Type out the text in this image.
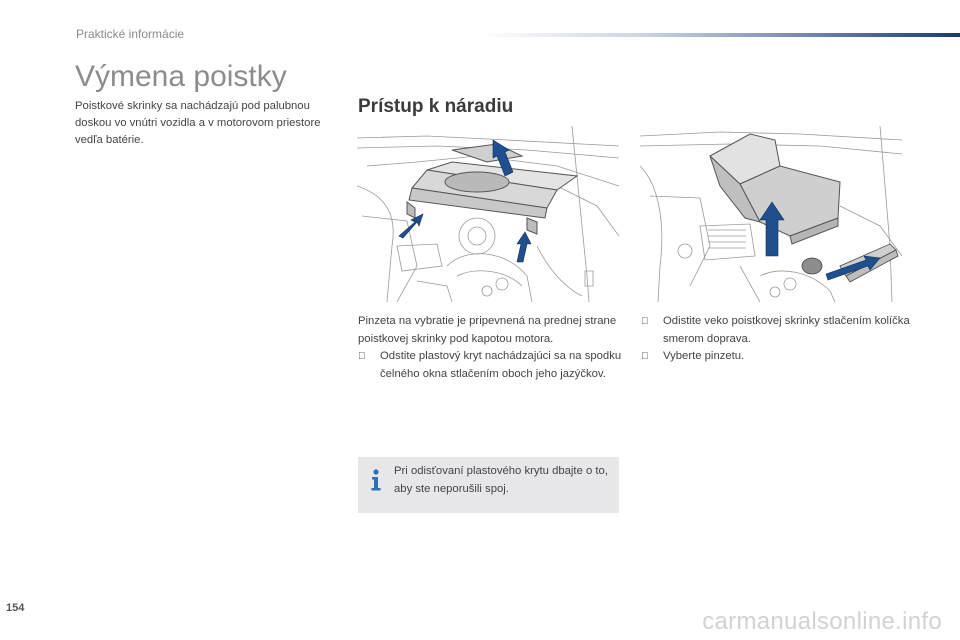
Praktické informácie
Výmena poistky
Poistkové skrinky sa nachádzajú pod palubnou doskou vo vnútri vozidla a v motorovom priestore vedľa batérie.
Prístup k náradiu
Pinzeta na vybratie je pripevnená na prednej strane poistkovej skrinky pod kapotou motora.
Odstite plastový kryt nachádzajúci sa na spodku čelného okna stlačením oboch jeho jazýčkov.
Odistite veko poistkovej skrinky stlačením kolíčka smerom doprava.
Vyberte pinzetu.
Pri odisťovaní plastového krytu dbajte o to, aby ste neporušili spoj.
154	carmanualsonline.info
